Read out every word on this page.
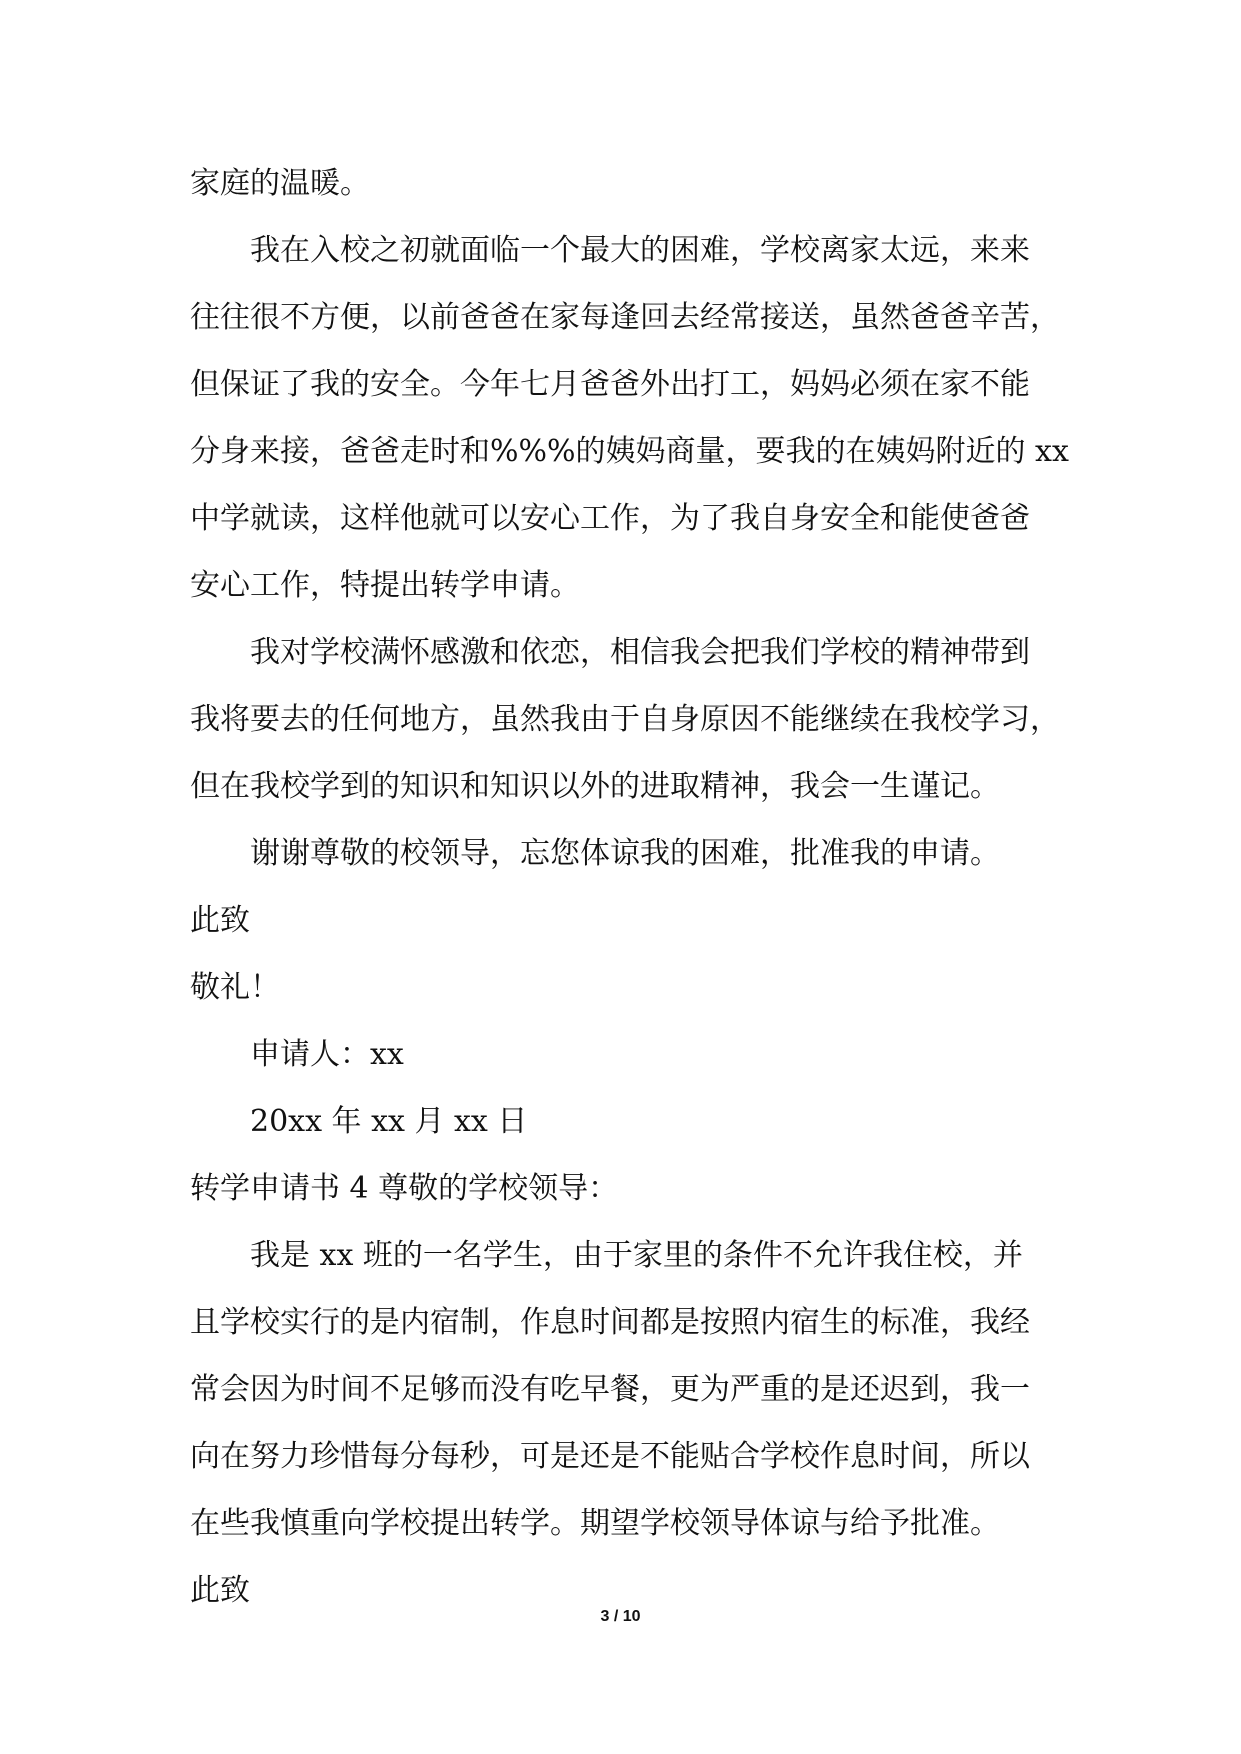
家庭的温暖。
我在入校之初就面临一个最大的困难，学校离家太远，来来
往往很不方便，以前爸爸在家每逢回去经常接送，虽然爸爸辛苦，
但保证了我的安全。今年七月爸爸外出打工，妈妈必须在家不能
分身来接，爸爸走时和%%%的姨妈商量，要我的在姨妈附近的 xx
中学就读，这样他就可以安心工作，为了我自身安全和能使爸爸
安心工作，特提出转学申请。
我对学校满怀感激和依恋，相信我会把我们学校的精神带到
我将要去的任何地方，虽然我由于自身原因不能继续在我校学习，
但在我校学到的知识和知识以外的进取精神，我会一生谨记。
谢谢尊敬的校领导，忘您体谅我的困难，批准我的申请。
此致
敬礼！
申请人：xx
20xx 年 xx 月 xx 日
转学申请书 4 尊敬的学校领导：
我是 xx 班的一名学生，由于家里的条件不允许我住校，并
且学校实行的是内宿制，作息时间都是按照内宿生的标准，我经
常会因为时间不足够而没有吃早餐，更为严重的是还迟到，我一
向在努力珍惜每分每秒，可是还是不能贴合学校作息时间，所以
在些我慎重向学校提出转学。期望学校领导体谅与给予批准。
此致
3 / 10
